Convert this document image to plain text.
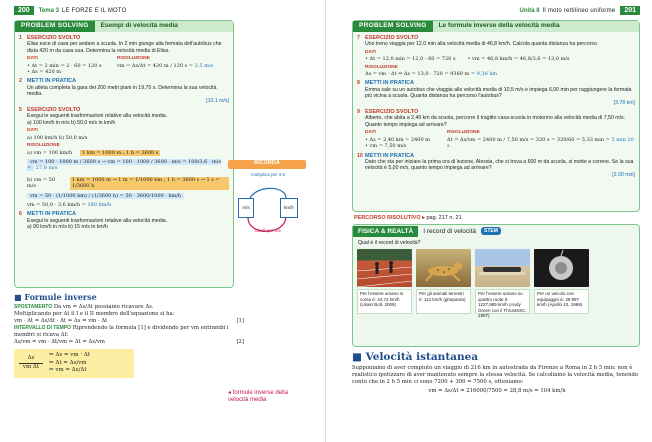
200	Tema 3 LE FORZE E IL MOTO
PROBLEM SOLVING	Esempi di velocità media
1 ESERCIZIO SVOLTO
Elias esce di casa per andare a scuola. In 2 min giunge alla fermata dell'autobus che dista 420 m da casa sua. Determina la velocità media di Elias.
DATI
• Δt = 2 min = 2 · 60 = 120 s
• Δs = 420 m
RISOLUZIONE
vm = Δs/Δt = 420 m / 120 s = 3,5 m/s
2 METTI IN PRATICA
Un atleta completa la gara dei 200 metri piani in 19,75 s. Determina la sua velocità media.
[10,1 m/s]
5 ESERCIZIO SVOLTO
Esegui le seguenti trasformazioni relative alla velocità media.
a) 100 km/h in m/s b) 50,0 m/s in km/h
DATI
a) 100 km/h b) 50,0 m/s
RISOLUZIONE
a) vm = 100 km/h	1 km = 1000 m ; 1 h = 3600 s
vm = 100 · 1000 m / 3600 s → vm = 100 · 1000 / 3600 · m/s = 100/3,6 · m/s = 27,8 m/s
b) vm = 50 m/s
1 km = 1000 m → 1 m = 1/1000 km ; 1 h = 3600 s → 1 s = 1/3600 h
vm = 50 · (1/1000 km) / (1/3600 h) = 50 · 3600/1000 · km/h
vm = 50,0 · 3,6 km/h = 180 km/h
6 METTI IN PRATICA
Esegui le seguenti trasformazioni relative alla velocità media.
a) 90 km/h in m/s b) 15 m/s in km/h
■ Formule inverse
SPOSTAMENTO Da vm = Δs/Δt possiamo ricavare Δs.
Moltiplicando per Δt il I e il II membro dell'equazione si ha:
vm · Δt = Δs/Δt · Δt ⇒ Δs = vm · Δt	[1]
INTERVALLO DI TEMPO Riprendendo la formula [1] e dividendo per vm entrambi i membri si ricava Δt:
Δs/vm = vm · Δt/vm ⇒ Δt = Δs/vm	[2]
Δs
vm Δt
⇒ Δs = vm · Δt
⇒ Δt = Δs/vm
⇒ vm = Δs/Δt
◂ formule inverse della velocità media
RICORDA
moltiplica per 3,6
m/s	km/h
dividi per 3,6
Unità 8 Il moto rettilineo uniforme	201
PROBLEM SOLVING	Le formule inverse della velocità media
7 ESERCIZIO SVOLTO
Uno treno viaggia per 12,0 min alla velocità media di 46,8 km/h. Calcola quanta distanza ha percorso.
DATI
• Δt = 12,0 min = 12,0 · 60 = 720 s • vm = 46,8 km/h = 46,8/3,6 = 13,0 m/s
RISOLUZIONE
Δs = vm · Δt ⇒ Δs = 13,0 · 720 = 9360 m = 9,36 km
8 METTI IN PRATICA
Emma sale su un autobus che viaggia alla velocità media di 10,5 m/s e impiega 6,00 min per raggiungere la fermata più vicina a scuola. Quanta distanza ha percorso l'autobus?
[3,78 km]
9 ESERCIZIO SVOLTO
Alberto, che abita a 2,40 km da scuola, percorre il tragitto casa-scuola in motorino alla velocità media di 7,50 m/s. Quanto tempo impiega ad arrivare?
DATI
• Δs = 2,40 km = 2400 m
• vm = 7,50 m/s
RISOLUZIONE
Δt = Δs/vm = 2400 m / 7,50 m/s = 320 s = 320/60 = 5,33 min = 5 min 20 s
10 METTI IN PRATICA
Dato che sta per iniziare la prima ora di lezione, Alessia, che si trova a 600 m da scuola, si mette a correre. Se la sua velocità è 5,00 m/s, quanto tempo impiega ad arrivare?
[2,00 min]
PERCORSO RISOLUTIVO ▸ pag. 217 n. 21
FISICA & REALTÀ	I record di velocità	STEM
Qual è il record di velocità?
Per l'essere umano in corsa è: 44,72 km/h (Usain Bolt, 2009)
Per gli animali terrestri è: 112 km/h (ghepardo)
Per l'essere umano su quattro ruote è: 1227,985 km/h (Andy Green con il ThrustSSC, 1997)
Per un veicolo con equipaggio è: 39 897 km/h (Apollo 10, 1969)
■ Velocità istantanea
Supponiamo di aver compiuto un viaggio di 216 km in autostrada da Firenze a Roma in 2 h 5 min: non è realistico ipotizzare di aver mantenuto sempre la stessa velocità. Se calcoliamo la velocità media, tenendo conto che in 2 h 5 min ci sono 7200 + 300 = 7500 s, otteniamo:
vm = Δs/Δt = 216000/7500 = 28,8 m/s = 104 km/h
